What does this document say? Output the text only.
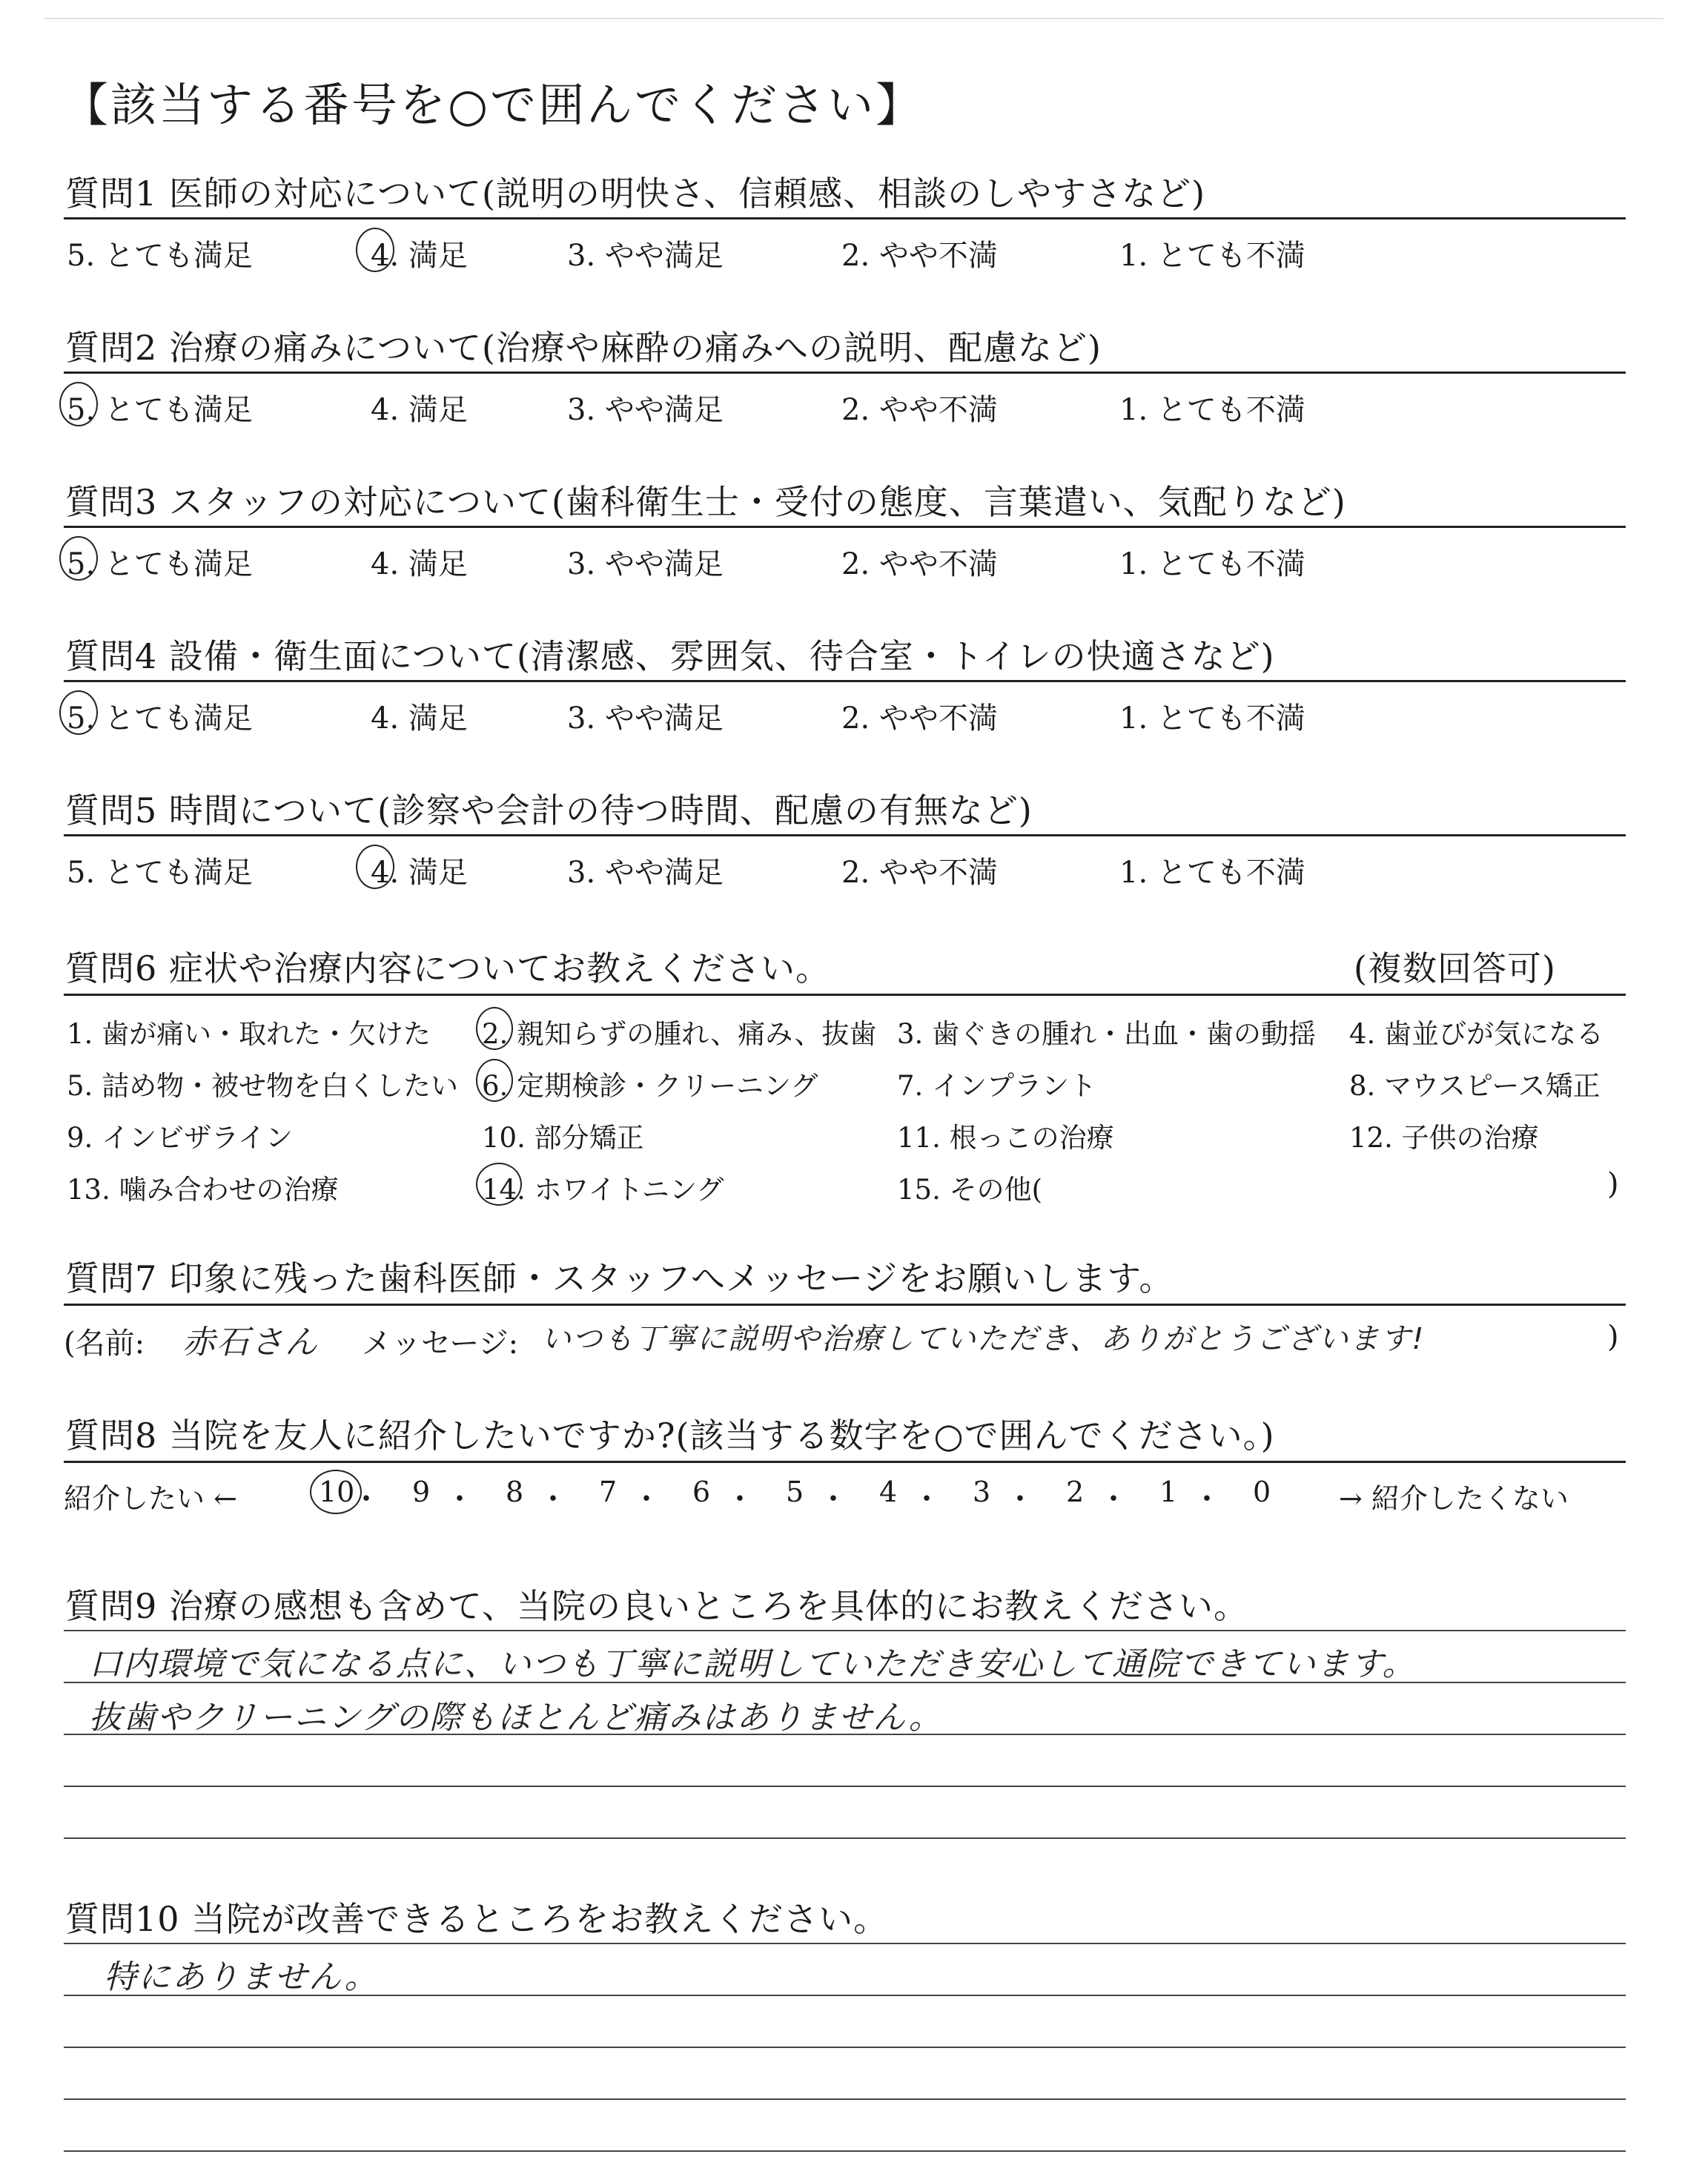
【該当する番号を○で囲んでください】
質問1 医師の対応について(説明の明快さ、信頼感、相談のしやすさなど)
5. とても満足	4. 満足	3. やや満足	2. やや不満	1. とても不満
質問2 治療の痛みについて(治療や麻酔の痛みへの説明、配慮など)
5. とても満足	4. 満足	3. やや満足	2. やや不満	1. とても不満
質問3 スタッフの対応について(歯科衛生士・受付の態度、言葉遣い、気配りなど)
5. とても満足	4. 満足	3. やや満足	2. やや不満	1. とても不満
質問4 設備・衛生面について(清潔感、雰囲気、待合室・トイレの快適さなど)
5. とても満足	4. 満足	3. やや満足	2. やや不満	1. とても不満
質問5 時間について(診察や会計の待つ時間、配慮の有無など)
5. とても満足	4. 満足	3. やや満足	2. やや不満	1. とても不満
質問6 症状や治療内容についてお教えください。	(複数回答可)
1. 歯が痛い・取れた・欠けた 2. 親知らずの腫れ、痛み、抜歯 3. 歯ぐきの腫れ・出血・歯の動揺 4. 歯並びが気になる
5. 詰め物・被せ物を白くしたい 6. 定期検診・クリーニング	7. インプラント	8. マウスピース矯正
9. インビザライン	10. 部分矯正	11. 根っこの治療	12. 子供の治療
13. 噛み合わせの治療	14. ホワイトニング	15. その他(	)
質問7 印象に残った歯科医師・スタッフへメッセージをお願いします。
(名前: 赤石さん メッセージ: いつも丁寧に説明や治療していただき、ありがとうございます!	)
質問8 当院を友人に紹介したいですか?(該当する数字を○で囲んでください。)
紹介したい ←	10
・ 9 ・ 8 ・ 7 ・ 6 ・ 5 ・ 4 ・ 3 ・ 2 ・ 1 ・ 0 → 紹介したくない
質問9 治療の感想も含めて、当院の良いところを具体的にお教えください。
口内環境で気になる点に、いつも丁寧に説明していただき安心して通院できています。
抜歯やクリーニングの際もほとんど痛みはありません。
質問10 当院が改善できるところをお教えください。
特にありません。
